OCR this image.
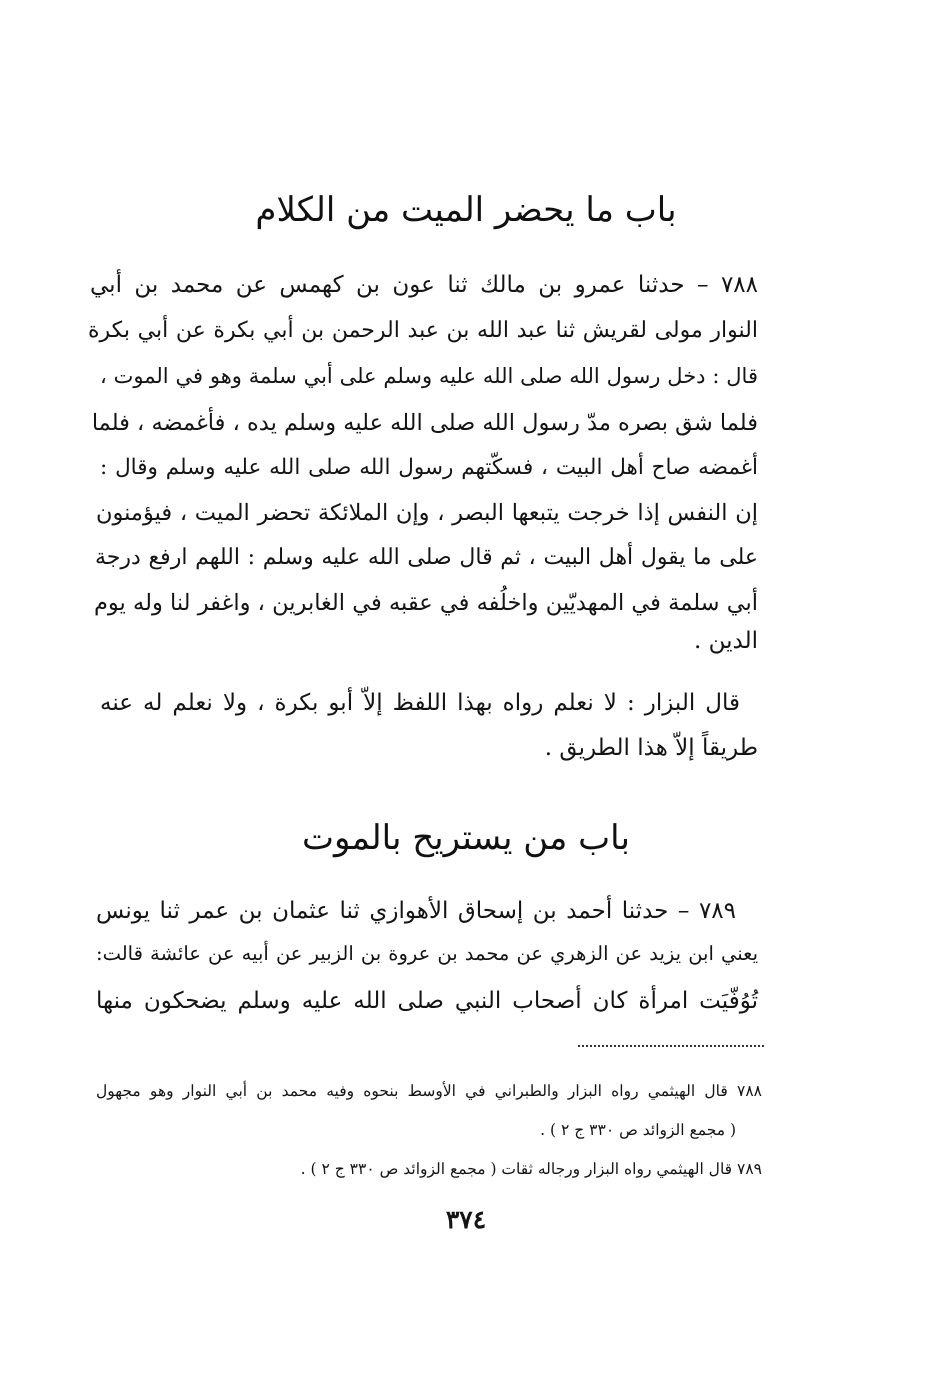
باب ما يحضر الميت من الكلام
٧٨٨ – حدثنا عمرو بن مالك ثنا عون بن كهمس عن محمد بن أبي
النوار مولى لقريش ثنا عبد الله بن عبد الرحمن بن أبي بكرة عن أبي بكرة
قال : دخل رسول الله صلى الله عليه وسلم على أبي سلمة وهو في الموت ،
فلما شق بصره مدّ رسول الله صلى الله عليه وسلم يده ، فأغمضه ، فلما
أغمضه صاح أهل البيت ، فسكّتهم رسول الله صلى الله عليه وسلم وقال :
إن النفس إذا خرجت يتبعها البصر ، وإن الملائكة تحضر الميت ، فيؤمنون
على ما يقول أهل البيت ، ثم قال صلى الله عليه وسلم : اللهم ارفع درجة
أبي سلمة في المهديّين واخلُفه في عقبه في الغابرين ، واغفر لنا وله يوم
الدين .
قال البزار : لا نعلم رواه بهذا اللفظ إلاّ أبو بكرة ، ولا نعلم له عنه
طريقاً إلاّ هذا الطريق .
باب من يستريح بالموت
٧٨٩ – حدثنا أحمد بن إسحاق الأهوازي ثنا عثمان بن عمر ثنا يونس
يعني ابن يزيد عن الزهري عن محمد بن عروة بن الزبير عن أبيه عن عائشة قالت:
تُوُفّيَت امرأة كان أصحاب النبي صلى الله عليه وسلم يضحكون منها
٧٨٨ قال الهيثمي رواه البزار والطبراني في الأوسط بنحوه وفيه محمد بن أبي النوار وهو مجهول
( مجمع الزوائد ص ٣٣٠ ج ٢ ) .
٧٨٩ قال الهيثمي رواه البزار ورجاله ثقات ( مجمع الزوائد ص ٣٣٠ ج ٢ ) .
٣٧٤
